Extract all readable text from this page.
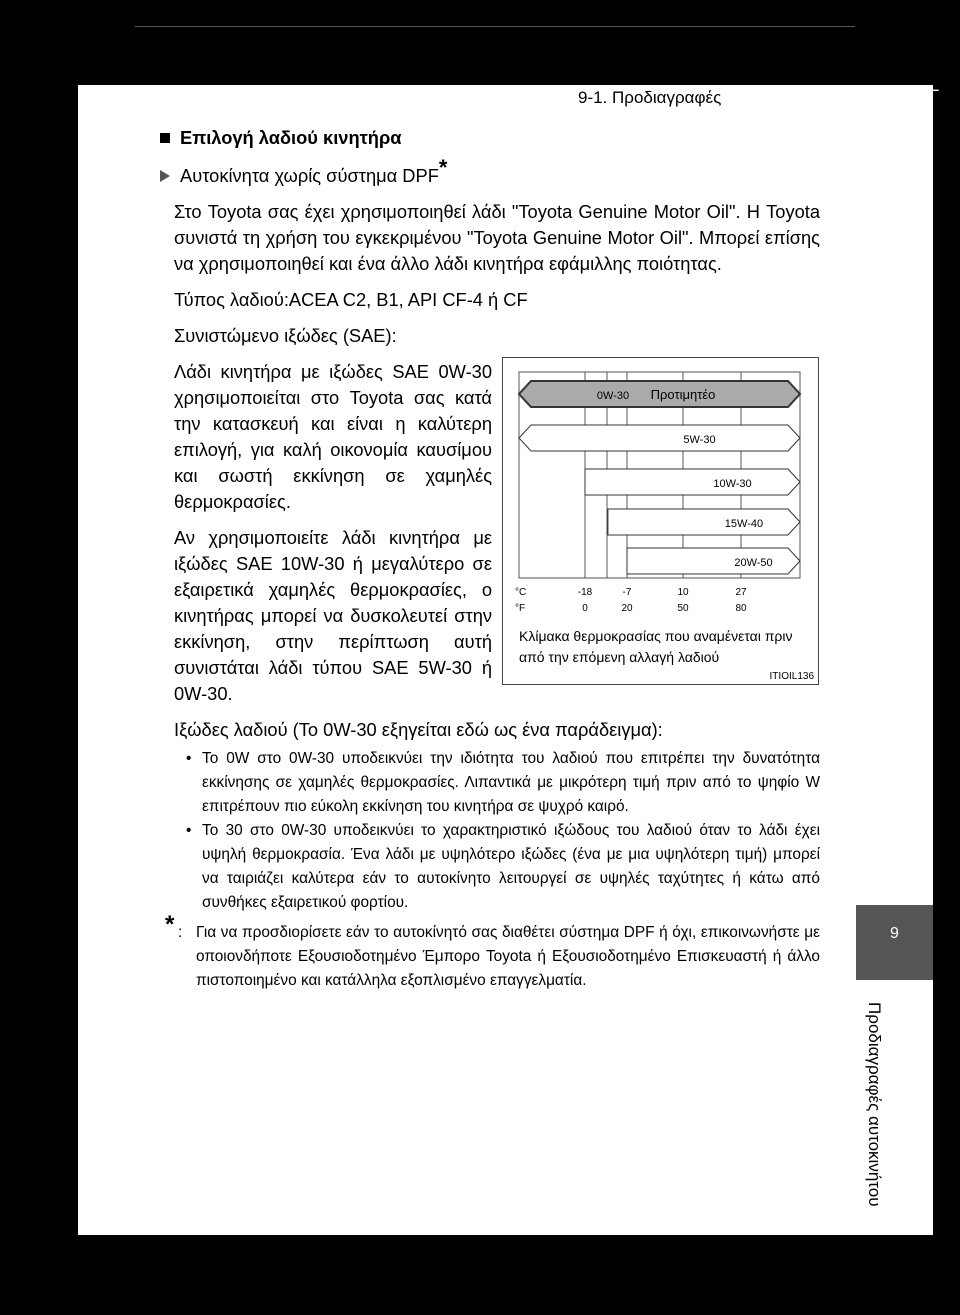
9-1. Προδιαγραφές	⌐
9
Προδιαγραφές αυτοκινήτου
Επιλογή λαδιού κινητήρα
Αυτοκίνητα χωρίς σύστημα DPF*

Στο Toyota σας έχει χρησιμοποιηθεί λάδι "Toyota Genuine Motor Oil". Η Toyota συνιστά τη χρήση του εγκεκριμένου "Toyota Genuine Motor Oil". Μπορεί επίσης να χρησιμοποιηθεί και ένα άλλο λάδι κινητήρα εφάμιλλης ποιότητας.

Τύπος λαδιού:ACEA C2, B1, API CF-4 ή CF

Συνιστώμενο ιξώδες (SAE):

Λάδι κινητήρα με ιξώδες SAE 0W-30 χρησιμοποιείται στο Toyota σας κατά την κατασκευή και είναι η καλύτερη επιλογή, για καλή οικονομία καυσίμου και σωστή εκκίνηση σε χαμηλές θερμοκρασίες.

Αν χρησιμοποιείτε λάδι κινητήρα με ιξώδες SAE 10W-30 ή μεγαλύτερο σε εξαιρετικά χαμηλές θερμοκρασίες, ο κινητήρας μπορεί να δυσκολευτεί στην εκκίνηση, στην περίπτωση αυτή συνιστάται λάδι τύπου SAE 5W-30 ή 0W-30.

Ιξώδες λαδιού (Το 0W-30 εξηγείται εδώ ως ένα παράδειγμα):

• Το 0W στο 0W-30 υποδεικνύει την ιδιότητα του λαδιού που επιτρέπει την δυνατότητα εκκίνησης σε χαμηλές θερμοκρασίες. Λιπαντικά με μικρότερη τιμή πριν από το ψηφίο W επιτρέπουν πιο εύκολη εκκίνηση του κινητήρα σε ψυχρό καιρό.
• Το 30 στο 0W-30 υποδεικνύει το χαρακτηριστικό ιξώδους του λαδιού όταν το λάδι έχει υψηλή θερμοκρασία. Ένα λάδι με υψηλότερο ιξώδες (ένα με μια υψηλότερη τιμή) μπορεί να ταιριάζει καλύτερα εάν το αυτοκίνητο λειτουργεί σε υψηλές ταχύτητες ή κάτω από συνθήκες εξαιρετικού φορτίου.
* : Για να προσδιορίσετε εάν το αυτοκίνητό σας διαθέτει σύστημα DPF ή όχι, επικοινωνήστε με οποιονδήποτε Εξουσιοδοτημένο Έμπορο Toyota ή Εξουσιοδοτημένο Επισκευαστή ή άλλο πιστοποιημένο και κατάλληλα εξοπλισμένο επαγγελματία.
0W-30 Προτιμητέο
5W-30
10W-30
15W-40
20W-50
°C
°F
-18	-7	10	27
0	20	50	80
Κλίμακα θερμοκρασίας που αναμένεται πριν από την επόμενη αλλαγή λαδιού
ITIOIL136
